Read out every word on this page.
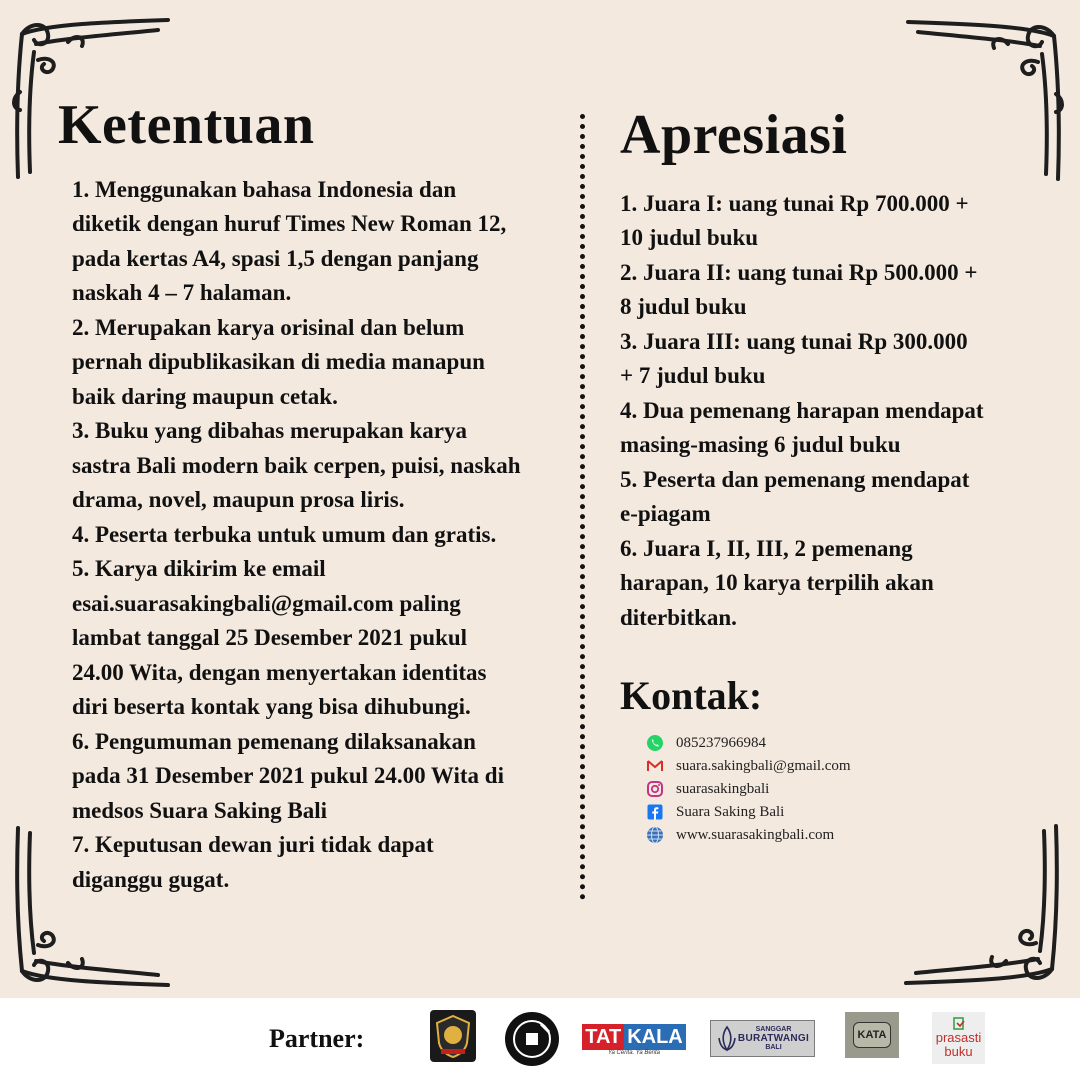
Ketentuan
1. Menggunakan bahasa Indonesia dan
diketik dengan huruf Times New Roman 12,
pada kertas A4, spasi 1,5 dengan panjang
naskah 4 – 7 halaman.
2. Merupakan karya orisinal dan belum
pernah dipublikasikan di media manapun
baik daring maupun cetak.
3. Buku yang dibahas merupakan karya
sastra Bali modern baik cerpen, puisi, naskah
drama, novel, maupun prosa liris.
4. Peserta terbuka untuk umum dan gratis.
5. Karya dikirim ke email
esai.suarasakingbali@gmail.com paling
lambat tanggal 25 Desember 2021 pukul
24.00 Wita, dengan menyertakan identitas
diri beserta kontak yang bisa dihubungi.
6. Pengumuman pemenang dilaksanakan
pada 31 Desember 2021 pukul 24.00 Wita di
medsos Suara Saking Bali
7. Keputusan dewan juri tidak dapat
diganggu gugat.
Apresiasi
1. Juara I: uang tunai Rp 700.000 +
10 judul buku
2. Juara II: uang tunai Rp 500.000 +
8 judul buku
3. Juara III: uang tunai Rp 300.000
+ 7 judul buku
4. Dua pemenang harapan mendapat
masing-masing 6 judul buku
5. Peserta dan pemenang mendapat
e-piagam
6. Juara I, II, III, 2 pemenang
harapan, 10 karya terpilih akan
diterbitkan.
Kontak:
085237966984
suara.sakingbali@gmail.com
suarasakingbali
Suara Saking Bali
www.suarasakingbali.com
Partner:	TAT KALA
Ya Cerita. Ya Berita
SANGGAR
BURATWANGI
BALI
KATA	prasasti
buku
